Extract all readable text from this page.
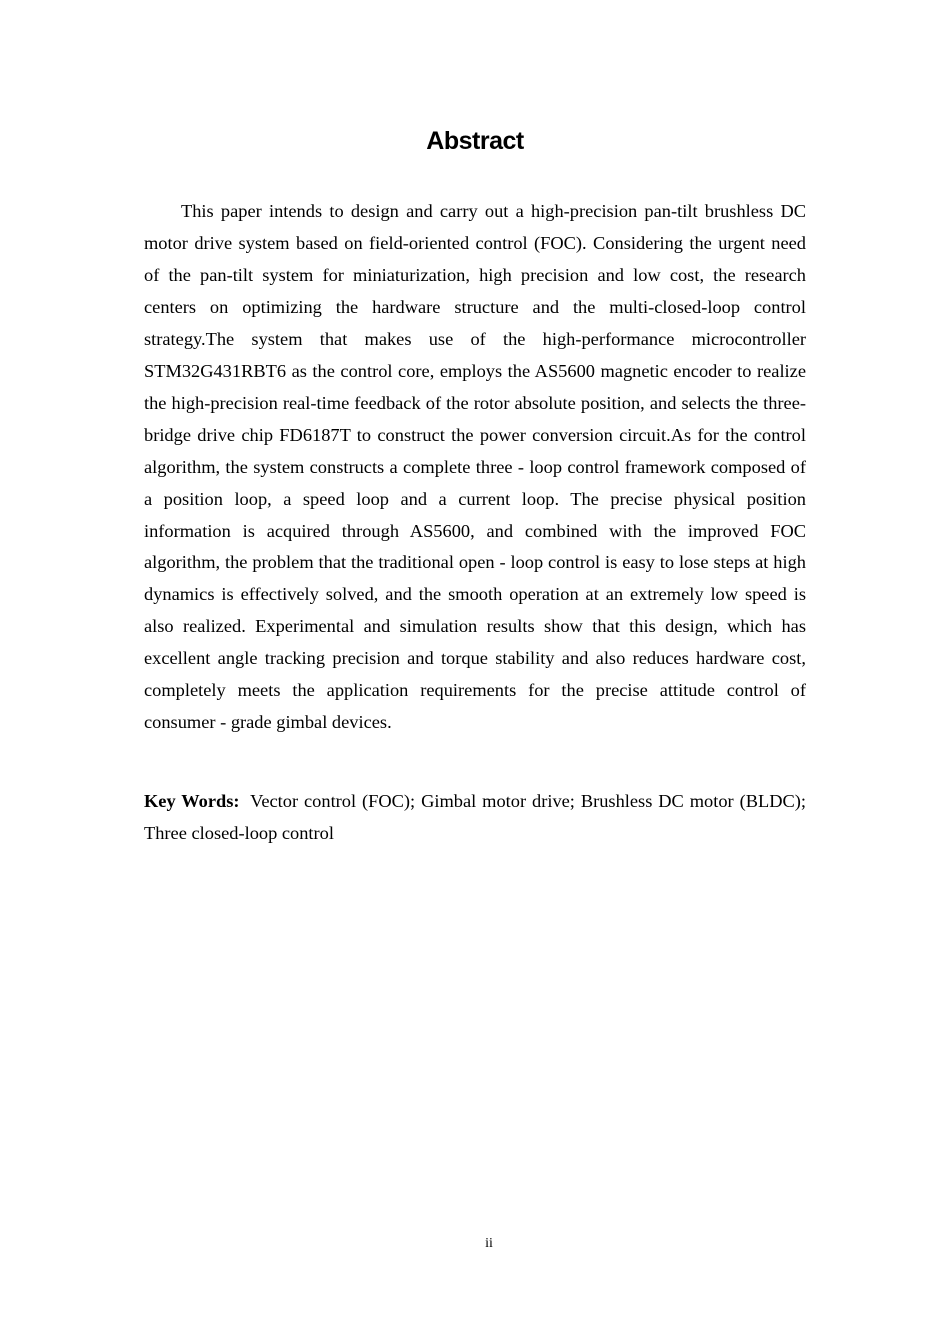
Abstract

This paper intends to design and carry out a high-precision pan-tilt brushless DC motor drive system based on field-oriented control (FOC). Considering the urgent need of the pan-tilt system for miniaturization, high precision and low cost, the research centers on optimizing the hardware structure and the multi-closed-loop control strategy.The system that makes use of the high-performance microcontroller STM32G431RBT6 as the control core, employs the AS5600 magnetic encoder to realize the high-precision real-time feedback of the rotor absolute position, and selects the three-bridge drive chip FD6187T to construct the power conversion circuit.As for the control algorithm, the system constructs a complete three - loop control framework composed of a position loop, a speed loop and a current loop. The precise physical position information is acquired through AS5600, and combined with the improved FOC algorithm, the problem that the traditional open - loop control is easy to lose steps at high dynamics is effectively solved, and the smooth operation at an extremely low speed is also realized. Experimental and simulation results show that this design, which has excellent angle tracking precision and torque stability and also reduces hardware cost, completely meets the application requirements for the precise attitude control of consumer - grade gimbal devices.

Key Words: Vector control (FOC); Gimbal motor drive; Brushless DC motor (BLDC); Three closed-loop control

ii
